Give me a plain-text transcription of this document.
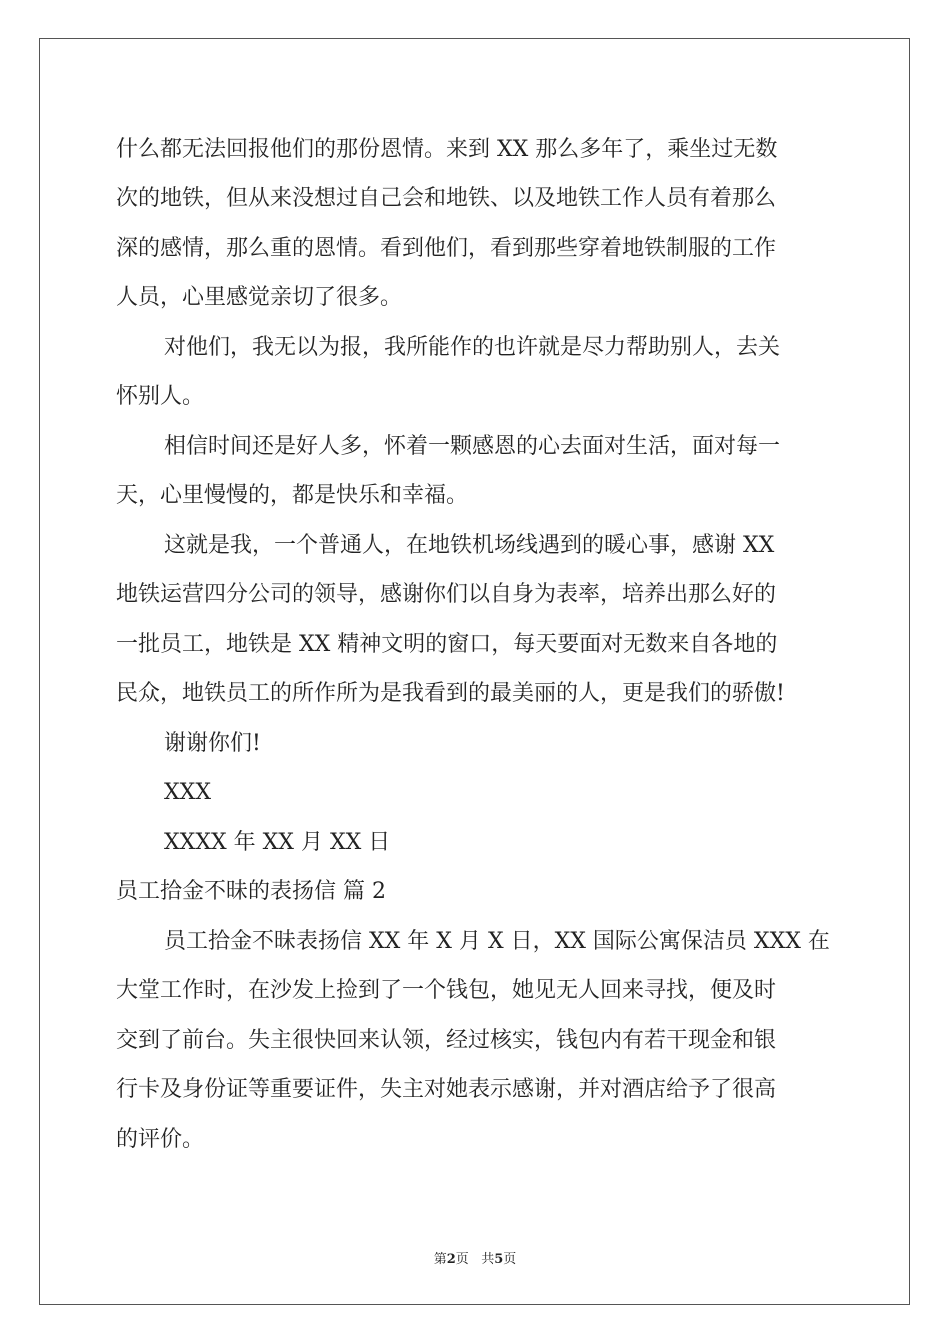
什么都无法回报他们的那份恩情。来到 XX 那么多年了，乘坐过无数
次的地铁，但从来没想过自己会和地铁、以及地铁工作人员有着那么
深的感情，那么重的恩情。看到他们，看到那些穿着地铁制服的工作
人员，心里感觉亲切了很多。
对他们，我无以为报，我所能作的也许就是尽力帮助别人，去关
怀别人。
相信时间还是好人多，怀着一颗感恩的心去面对生活，面对每一
天，心里慢慢的，都是快乐和幸福。
这就是我，一个普通人，在地铁机场线遇到的暖心事，感谢 XX
地铁运营四分公司的领导，感谢你们以自身为表率，培养出那么好的
一批员工，地铁是 XX 精神文明的窗口，每天要面对无数来自各地的
民众，地铁员工的所作所为是我看到的最美丽的人，更是我们的骄傲!
谢谢你们!
XXX
XXXX 年 XX 月 XX 日
员工拾金不昧的表扬信 篇 2
员工拾金不昧表扬信 XX 年 X 月 X 日，XX 国际公寓保洁员 XXX 在
大堂工作时，在沙发上捡到了一个钱包，她见无人回来寻找，便及时
交到了前台。失主很快回来认领，经过核实，钱包内有若干现金和银
行卡及身份证等重要证件，失主对她表示感谢，并对酒店给予了很高
的评价。
第2页 共5页
